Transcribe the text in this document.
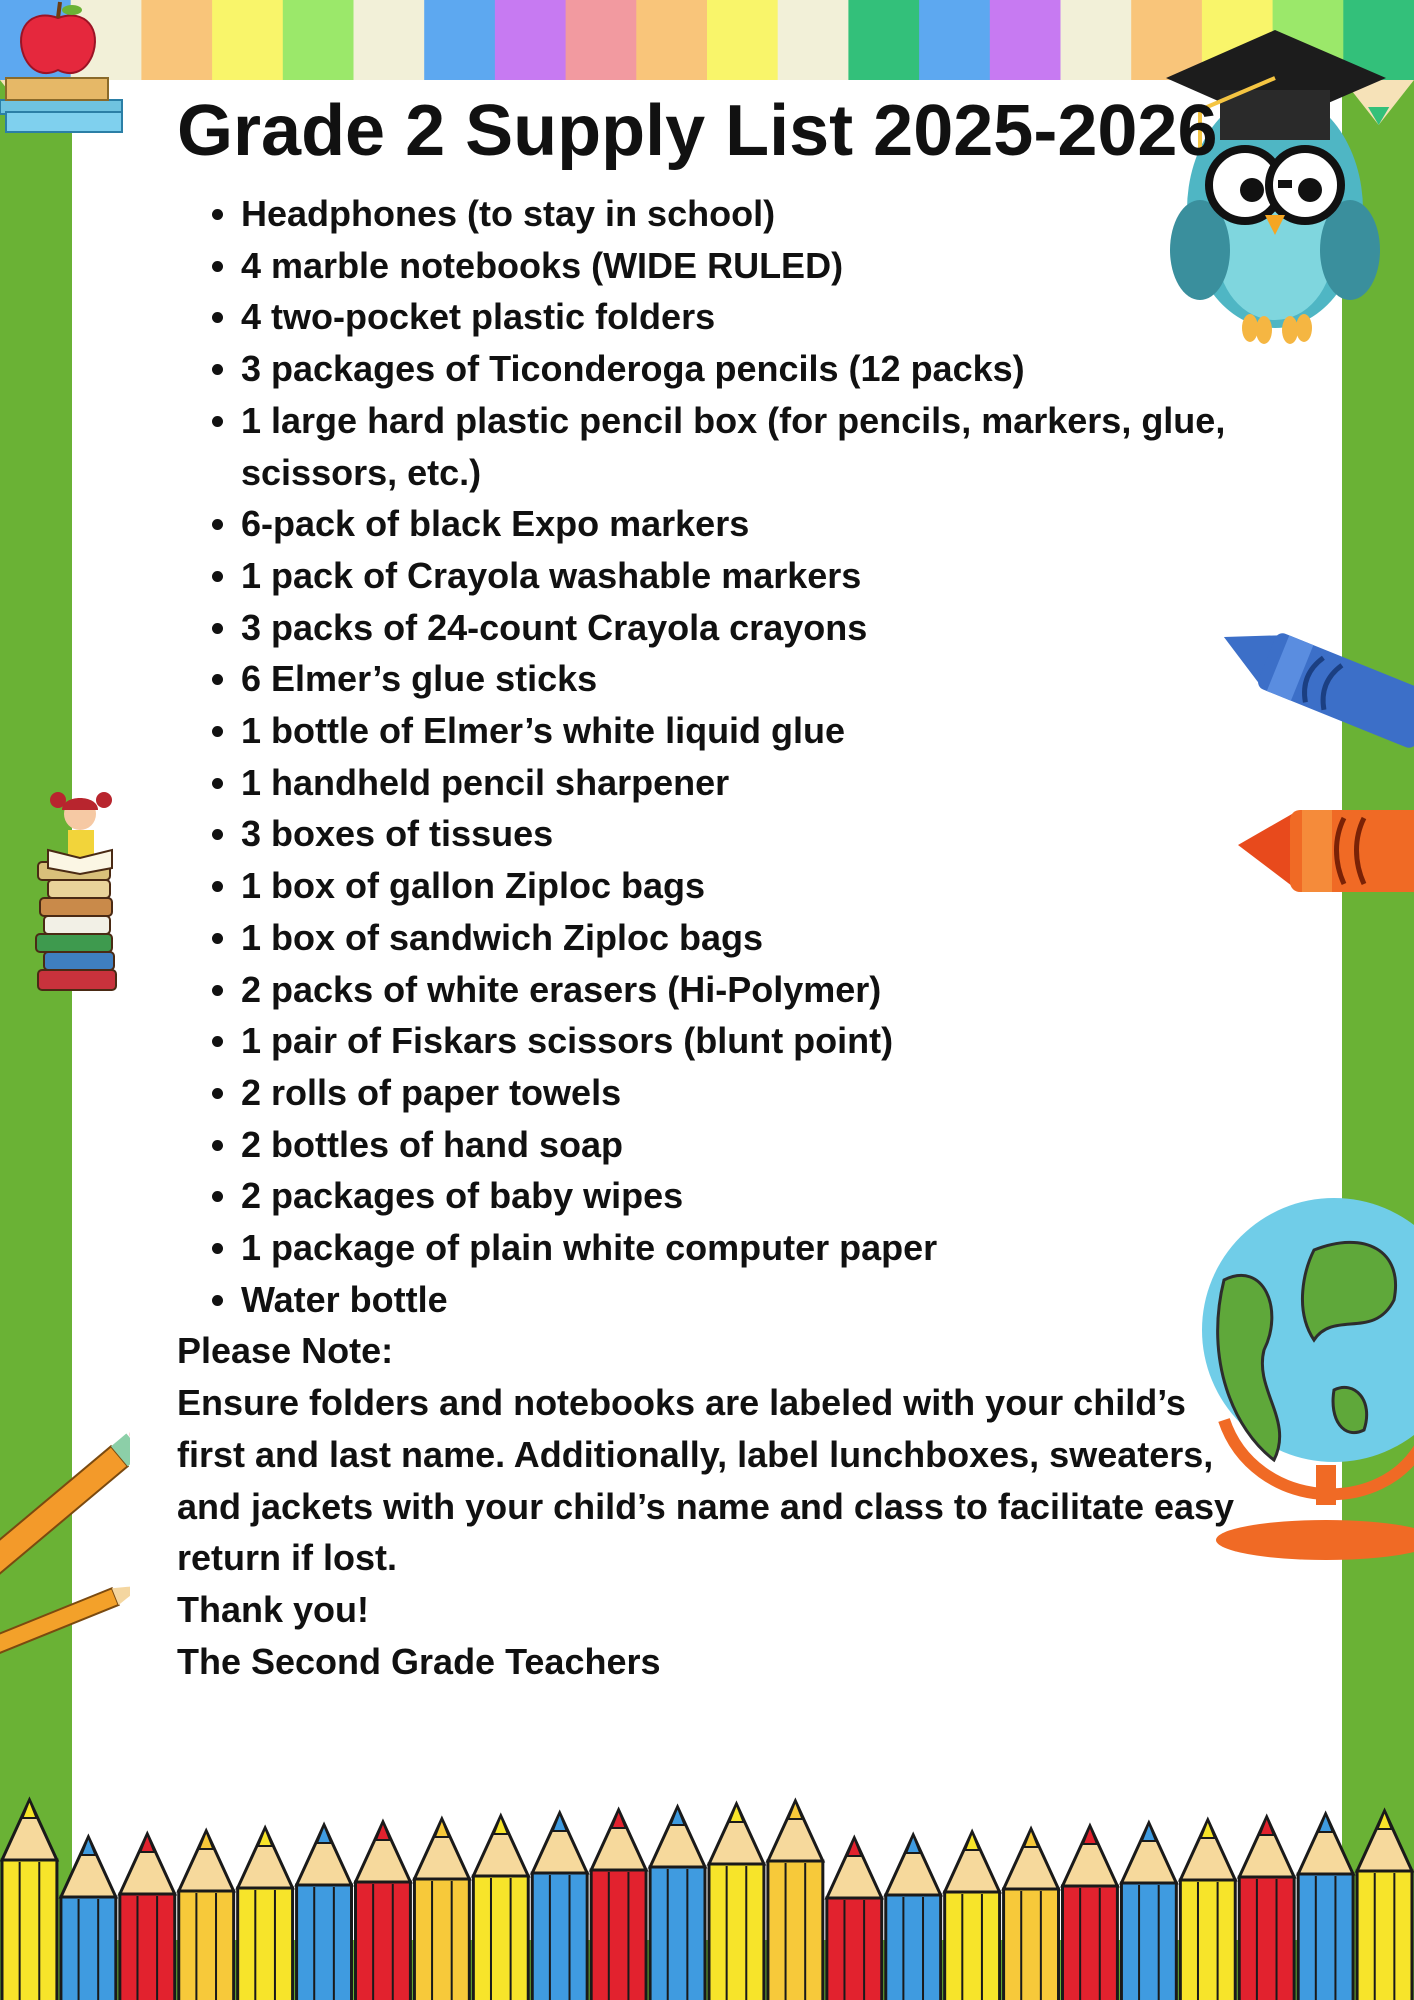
Grade 2 Supply List 2025-2026
• Headphones (to stay in school)
• 4 marble notebooks (WIDE RULED)
• 4 two-pocket plastic folders
• 3 packages of Ticonderoga pencils (12 packs)
• 1 large hard plastic pencil box (for pencils, markers, glue, scissors, etc.)
• 6-pack of black Expo markers
• 1 pack of Crayola washable markers
• 3 packs of 24-count Crayola crayons
• 6 Elmer’s glue sticks
• 1 bottle of Elmer’s white liquid glue
• 1 handheld pencil sharpener
• 3 boxes of tissues
• 1 box of gallon Ziploc bags
• 1 box of sandwich Ziploc bags
• 2 packs of white erasers (Hi-Polymer)
• 1 pair of Fiskars scissors (blunt point)
• 2 rolls of paper towels
• 2 bottles of hand soap
• 2 packages of baby wipes
• 1 package of plain white computer paper
• Water bottle

Please Note:

Ensure folders and notebooks are labeled with your child’s first and last name. Additionally, label lunchboxes, sweaters, and jackets with your child’s name and class to facilitate easy return if lost.

Thank you!

The Second Grade Teachers
